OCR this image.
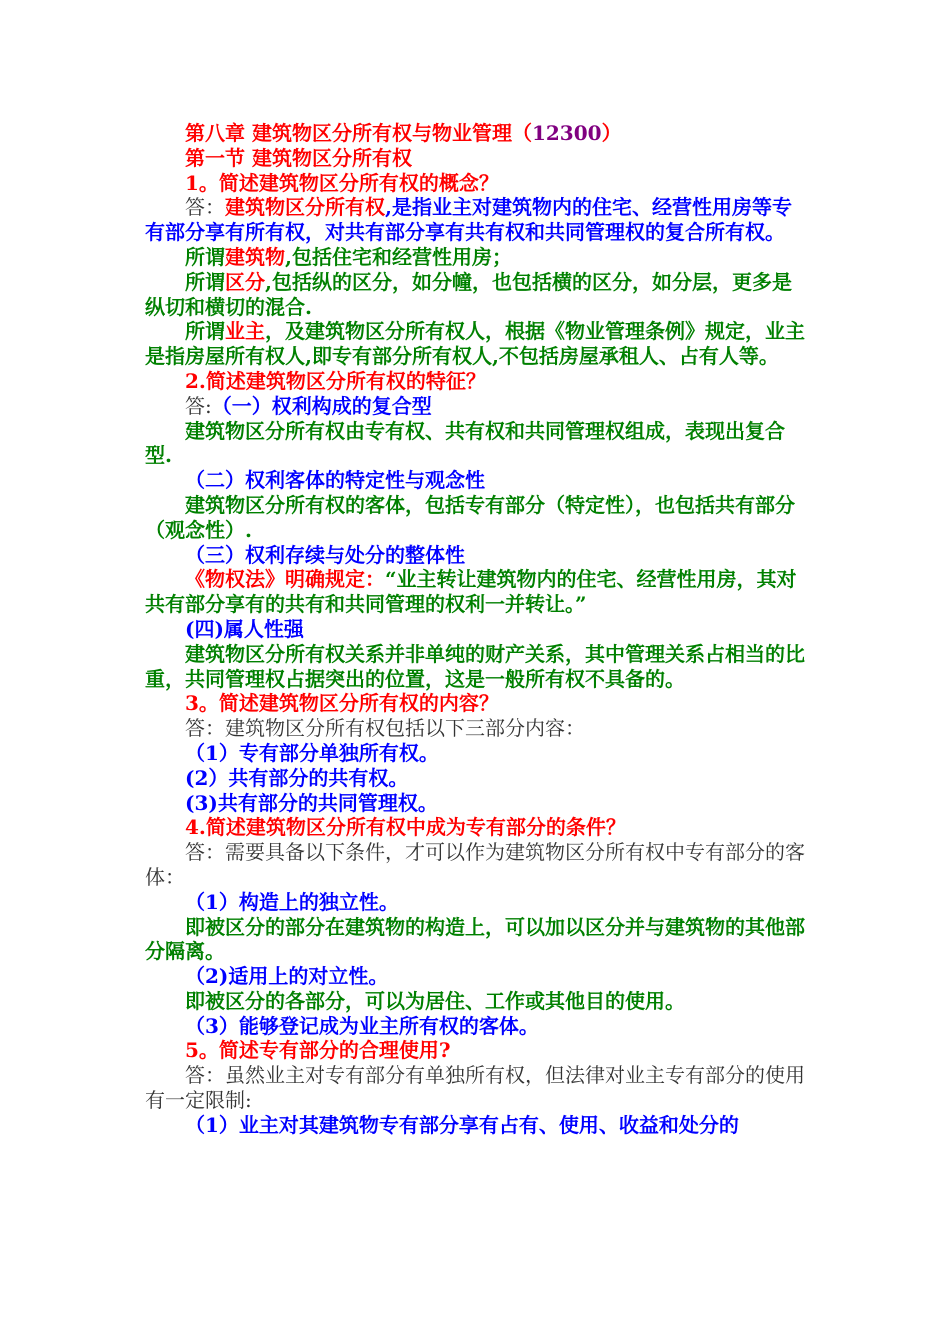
第八章 建筑物区分所有权与物业管理（12300）

第一节 建筑物区分所有权

1。简述建筑物区分所有权的概念？

答：建筑物区分所有权,是指业主对建筑物内的住宅、经营性用房等专有部分享有所有权，对共有部分享有共有权和共同管理权的复合所有权。

所谓建筑物,包括住宅和经营性用房；

所谓区分,包括纵的区分，如分幢，也包括横的区分，如分层，更多是纵切和横切的混合.

所谓业主，及建筑物区分所有权人，根据《物业管理条例》规定，业主是指房屋所有权人,即专有部分所有权人,不包括房屋承租人、占有人等。

2.简述建筑物区分所有权的特征？

答:（一）权利构成的复合型

建筑物区分所有权由专有权、共有权和共同管理权组成，表现出复合型.

（二）权利客体的特定性与观念性

建筑物区分所有权的客体，包括专有部分（特定性），也包括共有部分（观念性）.

（三）权利存续与处分的整体性

《物权法》明确规定：“业主转让建筑物内的住宅、经营性用房，其对共有部分享有的共有和共同管理的权利一并转让。”

(四)属人性强

建筑物区分所有权关系并非单纯的财产关系，其中管理关系占相当的比重，共同管理权占据突出的位置，这是一般所有权不具备的。

3。简述建筑物区分所有权的内容？

答：建筑物区分所有权包括以下三部分内容：

（1）专有部分单独所有权。

(2）共有部分的共有权。

(3)共有部分的共同管理权。

4.简述建筑物区分所有权中成为专有部分的条件？

答：需要具备以下条件，才可以作为建筑物区分所有权中专有部分的客体：

（1）构造上的独立性。

即被区分的部分在建筑物的构造上，可以加以区分并与建筑物的其他部分隔离。

（2)适用上的对立性。

即被区分的各部分，可以为居住、工作或其他目的使用。

（3）能够登记成为业主所有权的客体。

5。简述专有部分的合理使用?

答：虽然业主对专有部分有单独所有权，但法律对业主专有部分的使用有一定限制:

（1）业主对其建筑物专有部分享有占有、使用、收益和处分的
